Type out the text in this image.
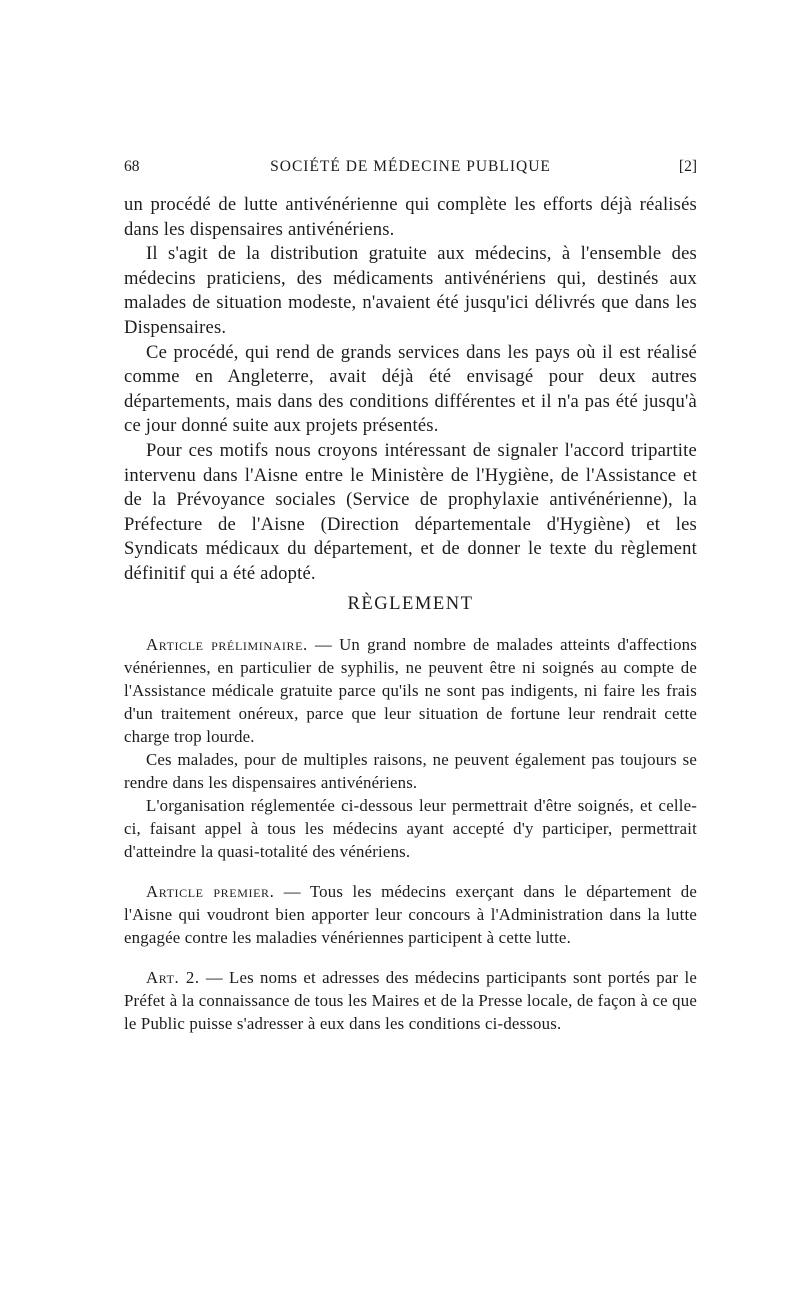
68	SOCIÉTÉ DE MÉDECINE PUBLIQUE	[2]

un procédé de lutte antivénérienne qui complète les efforts déjà réalisés dans les dispensaires antivénériens.

Il s'agit de la distribution gratuite aux médecins, à l'ensemble des médecins praticiens, des médicaments antivénériens qui, destinés aux malades de situation modeste, n'avaient été jusqu'ici délivrés que dans les Dispensaires.

Ce procédé, qui rend de grands services dans les pays où il est réalisé comme en Angleterre, avait déjà été envisagé pour deux autres départements, mais dans des conditions différentes et il n'a pas été jusqu'à ce jour donné suite aux projets présentés.

Pour ces motifs nous croyons intéressant de signaler l'accord tripartite intervenu dans l'Aisne entre le Ministère de l'Hygiène, de l'Assistance et de la Prévoyance sociales (Service de prophylaxie antivénérienne), la Préfecture de l'Aisne (Direction départementale d'Hygiène) et les Syndicats médicaux du département, et de donner le texte du règlement définitif qui a été adopté.

RÈGLEMENT

Article préliminaire. — Un grand nombre de malades atteints d'affections vénériennes, en particulier de syphilis, ne peuvent être ni soignés au compte de l'Assistance médicale gratuite parce qu'ils ne sont pas indigents, ni faire les frais d'un traitement onéreux, parce que leur situation de fortune leur rendrait cette charge trop lourde.

Ces malades, pour de multiples raisons, ne peuvent également pas toujours se rendre dans les dispensaires antivénériens.

L'organisation réglementée ci-dessous leur permettrait d'être soignés, et celle-ci, faisant appel à tous les médecins ayant accepté d'y participer, permettrait d'atteindre la quasi-totalité des vénériens.

Article premier. — Tous les médecins exerçant dans le département de l'Aisne qui voudront bien apporter leur concours à l'Administration dans la lutte engagée contre les maladies vénériennes participent à cette lutte.

Art. 2. — Les noms et adresses des médecins participants sont portés par le Préfet à la connaissance de tous les Maires et de la Presse locale, de façon à ce que le Public puisse s'adresser à eux dans les conditions ci-dessous.
